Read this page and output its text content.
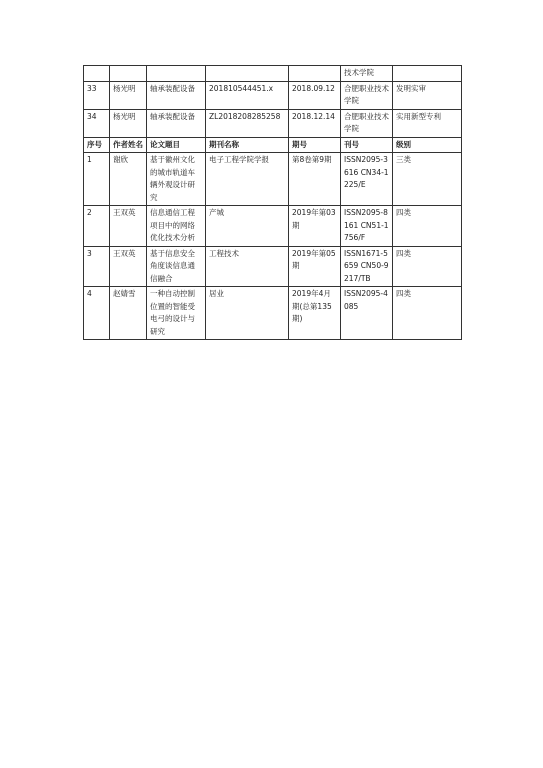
					技术学院	
33	杨光明	轴承装配设备	201810544451.x	2018.09.12	合肥职业技术学院	发明实审
34	杨光明	轴承装配设备	ZL2018208285258	2018.12.14	合肥职业技术学院	实用新型专利
序号	作者姓名	论文题目	期刊名称	期号	刊号	级别
1	谢欣	基于徽州文化的城市轨道车辆外观设计研究	电子工程学院学报	第8卷第9期	ISSN2095-3616 CN34-1225/E	三类
2	王双英	信息通信工程项目中的网络优化技术分析	产城	2019年第03期	ISSN2095-8161 CN51-1756/F	四类
3	王双英	基于信息安全角度谈信息通信融合	工程技术	2019年第05期	ISSN1671-5659 CN50-9217/TB	四类
4	赵婧雪	一种自动控制位置的智能受电弓的设计与研究	居业	2019年4月期(总第135期)	ISSN2095-4085	四类
